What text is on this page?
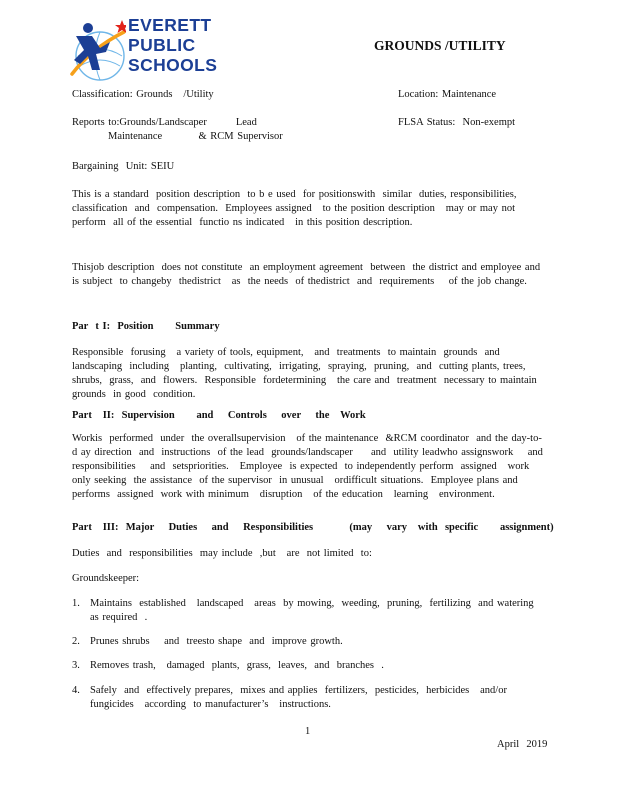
EVERETT
PUBLIC
SCHOOLS
GROUNDS /UTILITY
Classification: Grounds   /Utility	Location: Maintenance
Reports to:Grounds/Landscaper        Lead
Maintenance          & RCM Supervisor
FLSA Status:  Non-exempt
Bargaining  Unit: SEIU
This is a standard  position description  to b e used  for positionswith  similar  duties, responsibilities,  classification  and  compensation.  Employees assigned   to the position description   may or may not perform  all of the essential  functio ns indicated   in this position description.
Thisjob description  does not constitute  an employment agreement  between  the district and employee and is subject  to changeby  thedistrict   as  the needs  of thedistrict  and  requirements    of the job change.
Par  t I:  Position      Summary
Responsible  forusing   a variety of tools, equipment,   and  treatments  to maintain  grounds  and landscaping  including   planting,  cultivating,  irrigating,  spraying,  pruning,  and  cutting plants, trees,  shrubs,  grass,  and  flowers.  Responsible  fordetermining   the care and  treatment  necessary to maintain  grounds  in good  condition.
Part   II:  Supervision      and    Controls    over    the   Work
Workis  performed  under  the overallsupervision   of the maintenance  &RCM coordinator  and the day-to-d ay direction  and  instructions  of the lead  grounds/landscaper     and  utility leadwho assignswork    and  responsibilities    and  setspriorities.   Employee  is expected  to independently perform  assigned   work only seeking  the assistance  of the supervisor  in unusual   ordifficult situations.  Employee plans and performs  assigned  work with minimum   disruption   of the education   learning   environment.
Part   III:  Major    Duties    and    Responsibilities          (may    vary   with  specific      assignment)
Duties  and  responsibilities  may include  ,but   are  not limited  to:
Groundskeeper:
1. Maintains  established   landscaped   areas  by mowing,  weeding,  pruning,  fertilizing  and watering  as required  .
2. Prunes shrubs    and  treesto shape  and  improve growth.
3. Removes trash,   damaged  plants,  grass,  leaves,  and  branches  .
4. Safely  and  effectively prepares,  mixes and applies  fertilizers,  pesticides,  herbicides   and/or fungicides   according  to manufacturer’s   instructions.
1
April  2019
